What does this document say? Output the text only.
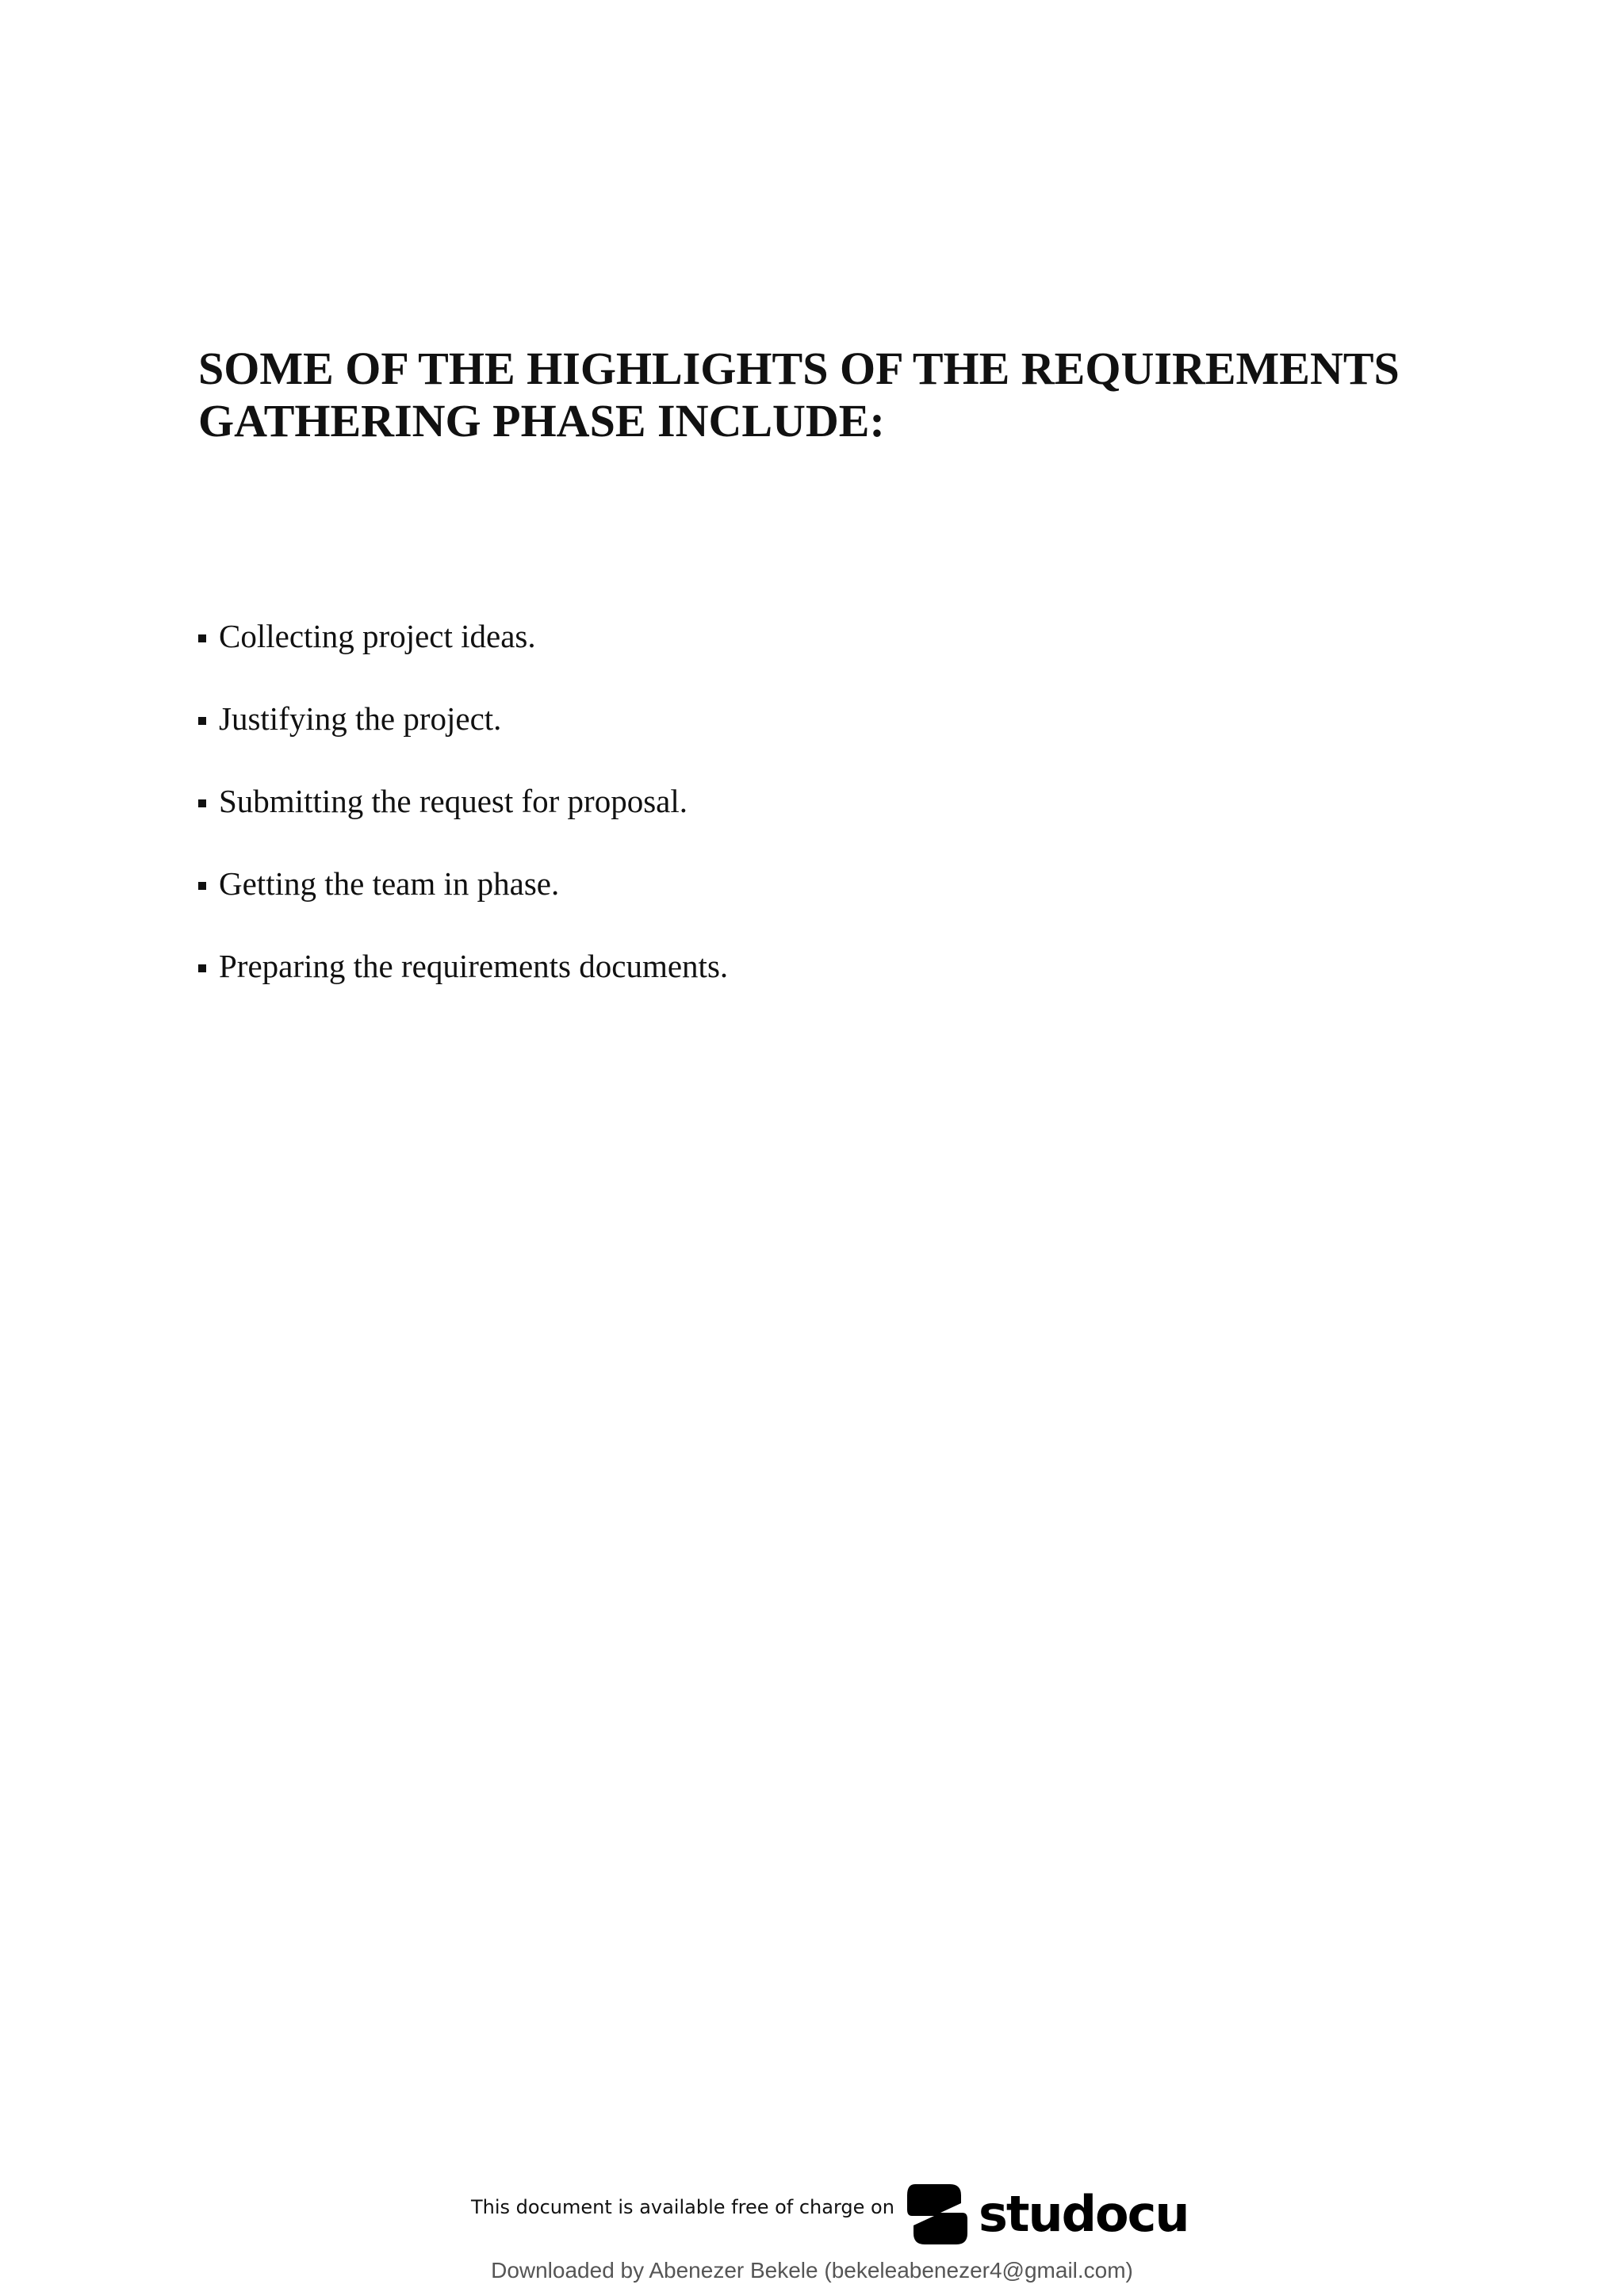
SOME OF THE HIGHLIGHTS OF THE REQUIREMENTS
GATHERING PHASE INCLUDE:
Collecting project ideas.
Justifying the project.
Submitting the request for proposal.
Getting the team in phase.
Preparing the requirements documents.
This document is available free of charge on studocu
Downloaded by Abenezer Bekele (bekeleabenezer4@gmail.com)
